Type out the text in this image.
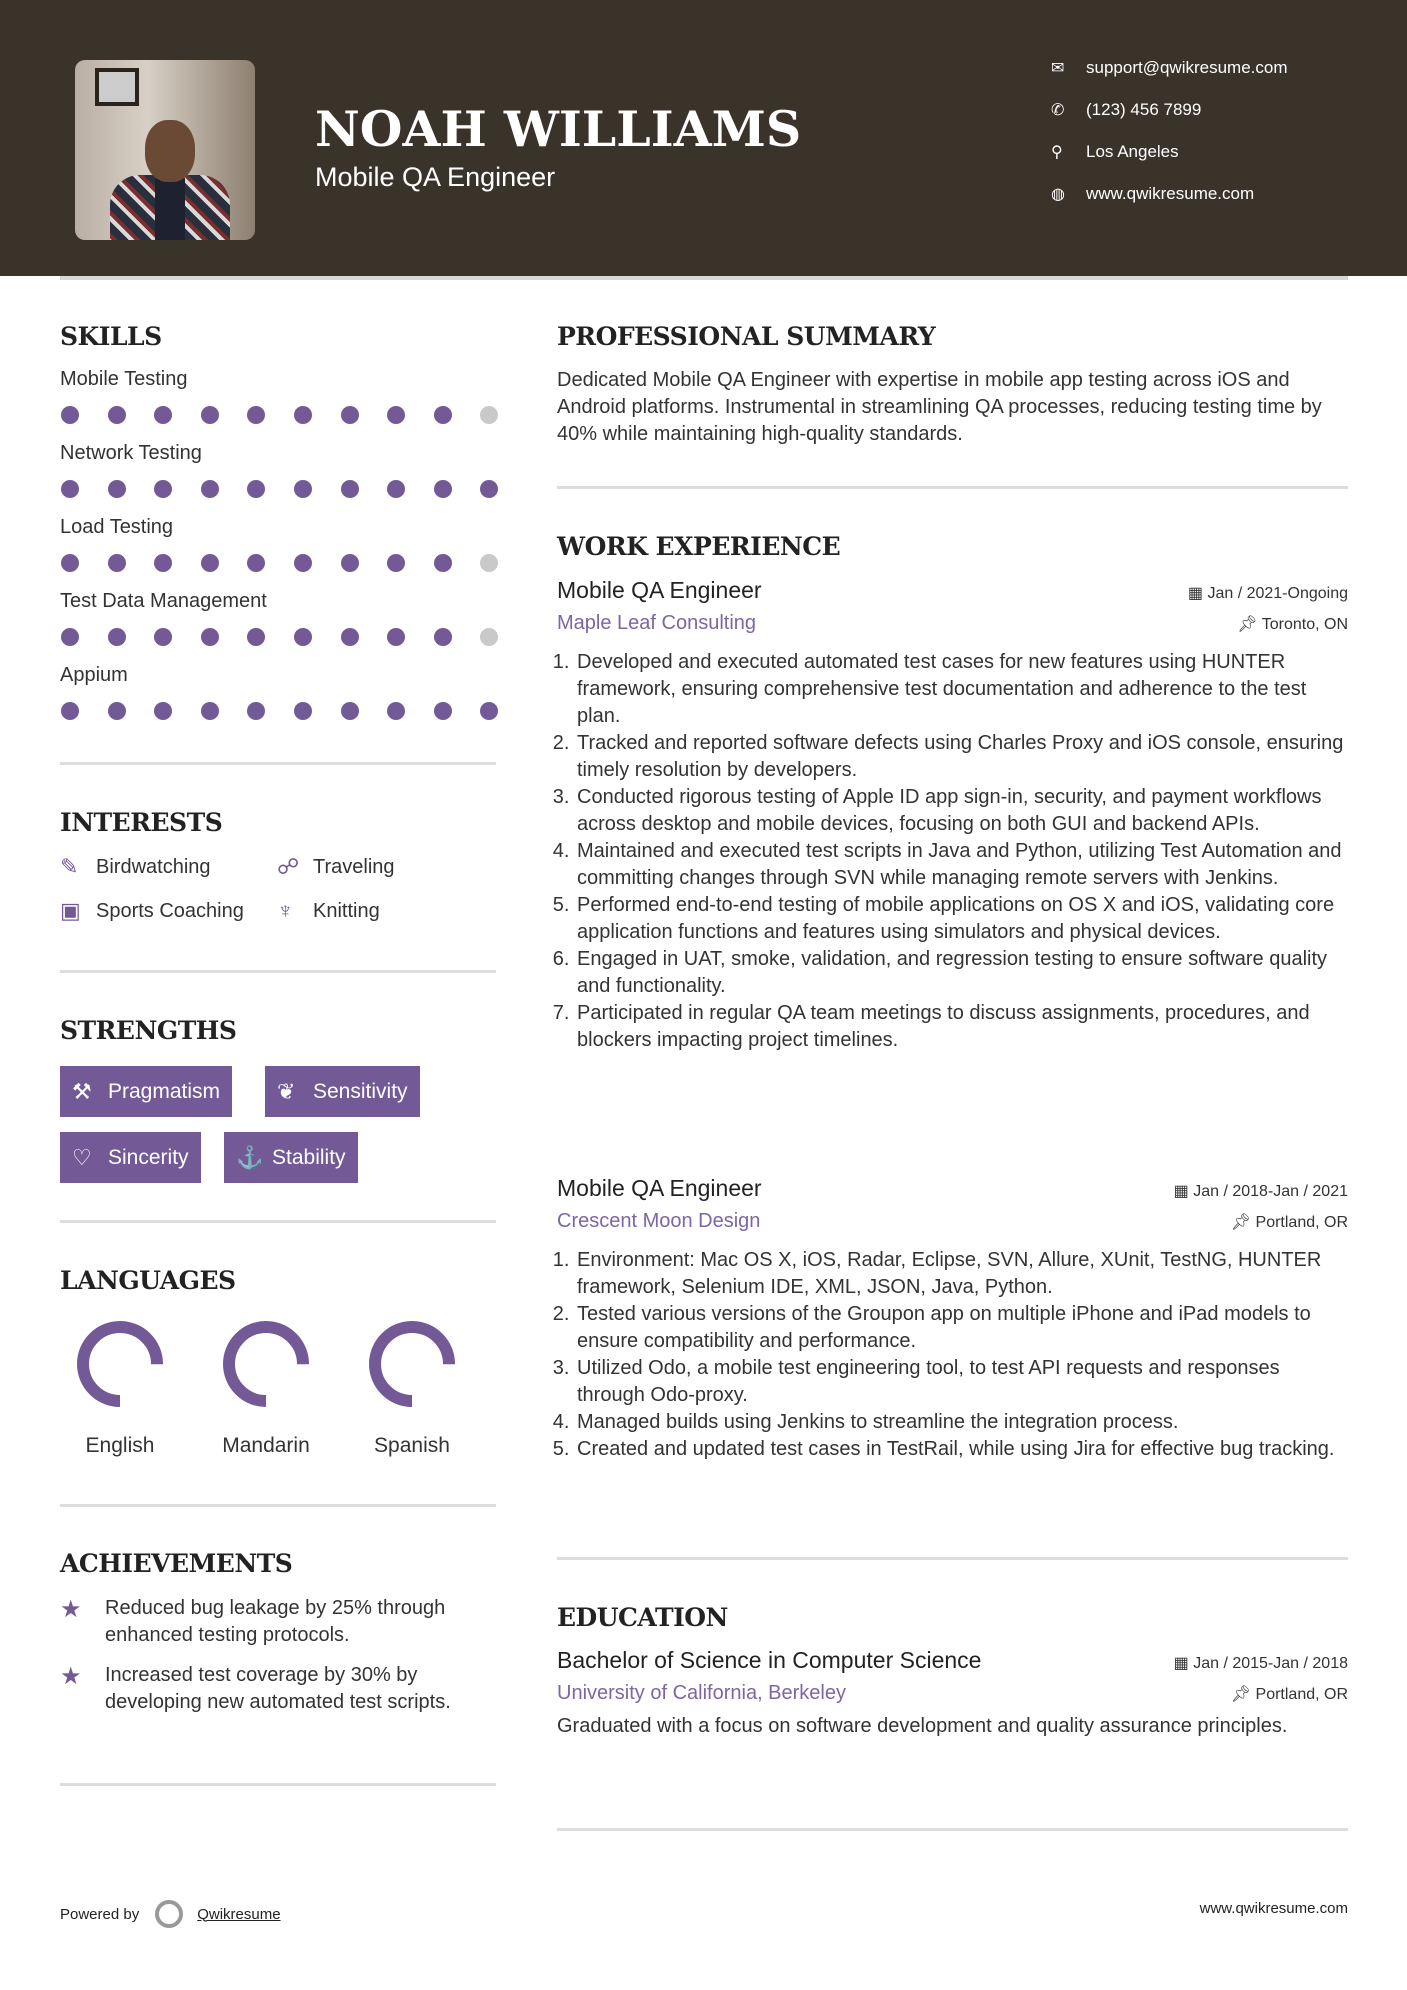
NOAH WILLIAMS
Mobile QA Engineer
✉	support@qwikresume.com
✆	(123) 456 7899
⚲	Los Angeles
◍	www.qwikresume.com
SKILLS
Mobile Testing
Network Testing
Load Testing
Test Data Management
Appium
INTERESTS
✎ Birdwatching	☍ Traveling
▣ Sports Coaching ♆ Knitting
STRENGTHS
⚒ Pragmatism	❦ Sensitivity
♡ Sincerity ⚓ Stability
LANGUAGES
English	Mandarin	Spanish
ACHIEVEMENTS
★	Reduced bug leakage by 25% through enhanced testing protocols.
★	Increased test coverage by 30% by developing new automated test scripts.
PROFESSIONAL SUMMARY
Dedicated Mobile QA Engineer with expertise in mobile app testing across iOS and Android platforms. Instrumental in streamlining QA processes, reducing testing time by 40% while maintaining high-quality standards.
WORK EXPERIENCE
Mobile QA Engineer	▦ Jan / 2021-Ongoing
Maple Leaf Consulting	📌︎ Toronto, ON
1. Developed and executed automated test cases for new features using HUNTER framework, ensuring comprehensive test documentation and adherence to the test plan.
2. Tracked and reported software defects using Charles Proxy and iOS console, ensuring timely resolution by developers.
3. Conducted rigorous testing of Apple ID app sign-in, security, and payment workflows across desktop and mobile devices, focusing on both GUI and backend APIs.
4. Maintained and executed test scripts in Java and Python, utilizing Test Automation and committing changes through SVN while managing remote servers with Jenkins.
5. Performed end-to-end testing of mobile applications on OS X and iOS, validating core application functions and features using simulators and physical devices.
6. Engaged in UAT, smoke, validation, and regression testing to ensure software quality and functionality.
7. Participated in regular QA team meetings to discuss assignments, procedures, and blockers impacting project timelines.
Mobile QA Engineer	▦ Jan / 2018-Jan / 2021
Crescent Moon Design	📌︎ Portland, OR
1. Environment: Mac OS X, iOS, Radar, Eclipse, SVN, Allure, XUnit, TestNG, HUNTER framework, Selenium IDE, XML, JSON, Java, Python.
2. Tested various versions of the Groupon app on multiple iPhone and iPad models to ensure compatibility and performance.
3. Utilized Odo, a mobile test engineering tool, to test API requests and responses through Odo-proxy.
4. Managed builds using Jenkins to streamline the integration process.
5. Created and updated test cases in TestRail, while using Jira for effective bug tracking.
EDUCATION
Bachelor of Science in Computer Science	▦ Jan / 2015-Jan / 2018
University of California, Berkeley	📌︎ Portland, OR
Graduated with a focus on software development and quality assurance principles.
Powered by	Qwikresume	www.qwikresume.com
